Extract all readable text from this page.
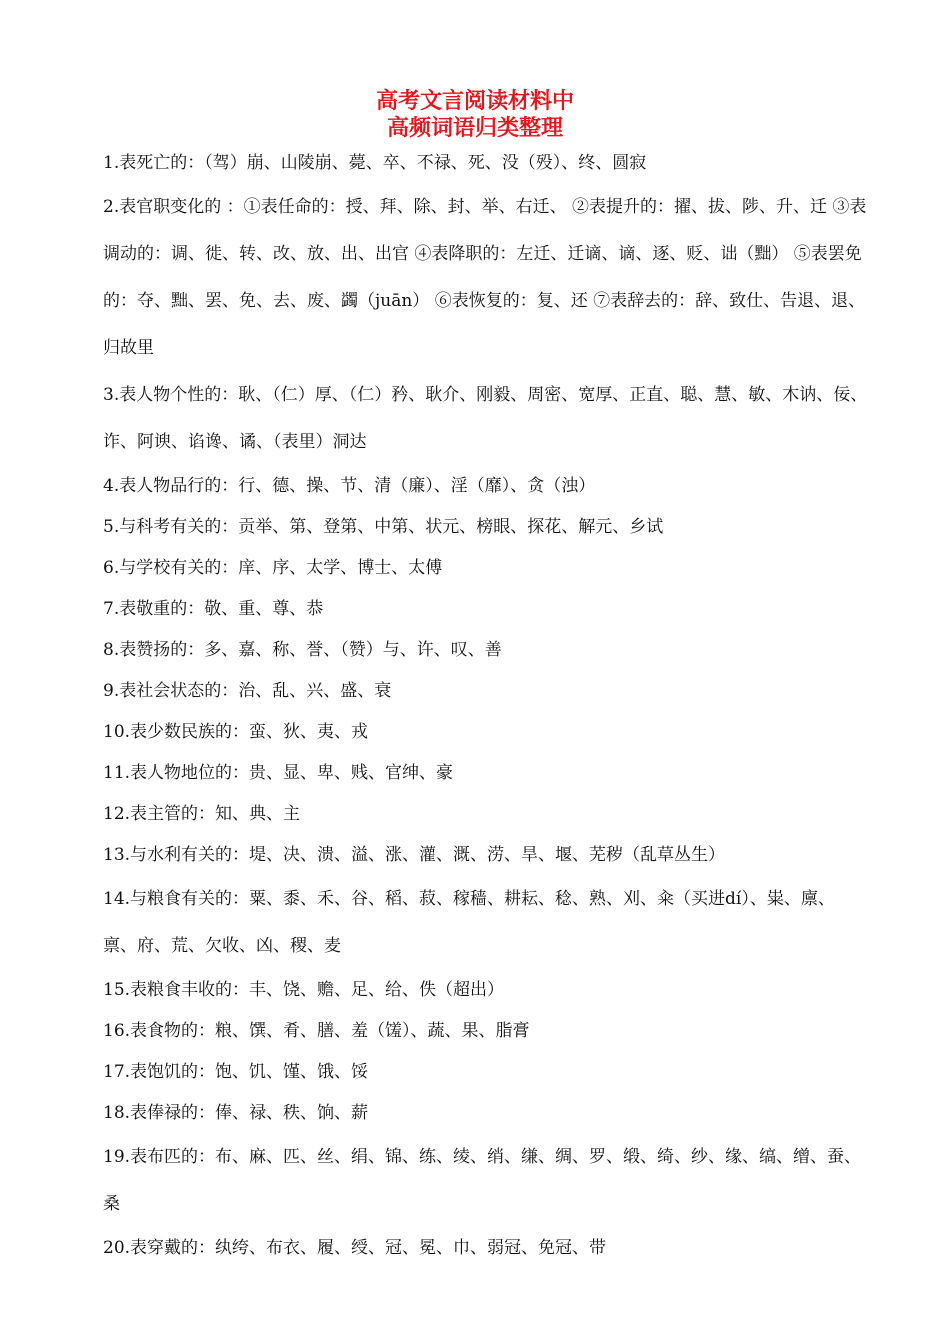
高考文言阅读材料中
高频词语归类整理

1.表死亡的：（驾）崩、山陵崩、薨、卒、不禄、死、没（殁）、终、圆寂

2.表官职变化的 ：①表任命的：授、拜、除、封、举、右迁、 ②表提升的：擢、拔、陟、升、迁 ③表调动的：调、徙、转、改、放、出、出官 ④表降职的：左迁、迁谪、谪、逐、贬、诎（黜） ⑤表罢免的：夺、黜、罢、免、去、废、蠲（juān） ⑥表恢复的：复、还 ⑦表辞去的：辞、致仕、告退、退、归故里

3.表人物个性的：耿、（仁）厚、（仁）矜、耿介、刚毅、周密、宽厚、正直、聪、慧、敏、木讷、佞、诈、阿谀、谄谗、谲、（表里）洞达

4.表人物品行的：行、德、操、节、清（廉）、淫（靡）、贪（浊）

5.与科考有关的：贡举、第、登第、中第、状元、榜眼、探花、解元、乡试

6.与学校有关的：庠、序、太学、博士、太傅

7.表敬重的：敬、重、尊、恭

8.表赞扬的：多、嘉、称、誉、（赞）与、许、叹、善

9.表社会状态的：治、乱、兴、盛、衰

10.表少数民族的：蛮、狄、夷、戎

11.表人物地位的：贵、显、卑、贱、官绅、豪

12.表主管的：知、典、主

13.与水利有关的：堤、决、溃、溢、涨、灌、溉、涝、旱、堰、芜秽（乱草丛生）

14.与粮食有关的：粟、黍、禾、谷、稻、菽、稼穑、耕耘、稔、熟、刈、籴（买进dí）、粜、廪、禀、府、荒、欠收、凶、稷、麦

15.表粮食丰收的：丰、饶、赡、足、给、佚（超出）

16.表食物的：粮、馔、肴、膳、羞（馐）、蔬、果、脂膏

17.表饱饥的：饱、饥、馑、饿、馁

18.表俸禄的：俸、禄、秩、饷、薪

19.表布匹的：布、麻、匹、丝、绢、锦、练、绫、绡、缣、绸、罗、缎、绮、纱、缘、缟、缯、蚕、桑

20.表穿戴的：纨绔、布衣、履、绶、冠、冕、巾、弱冠、免冠、带
